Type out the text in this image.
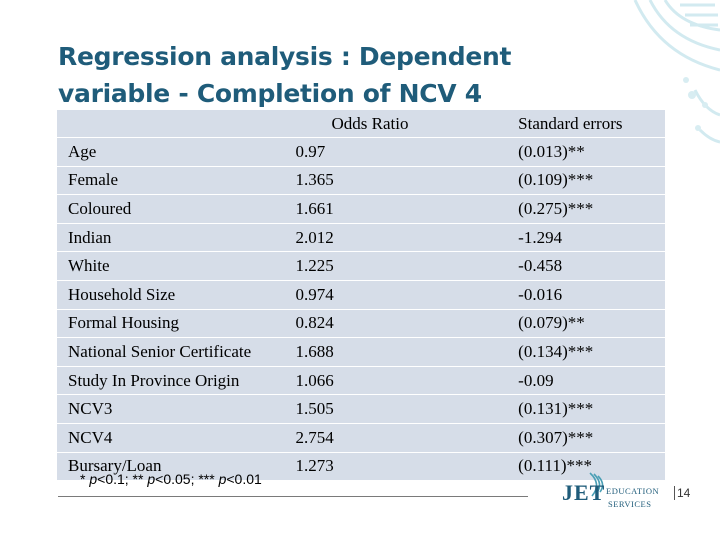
Regression analysis : Dependent variable - Completion of NCV 4
	Odds Ratio	Standard errors
Age	0.97	(0.013)**
Female	1.365	(0.109)***
Coloured	1.661	(0.275)***
Indian	2.012	-1.294
White	1.225	-0.458
Household Size	0.974	-0.016
Formal Housing	0.824	(0.079)**
National Senior Certificate	1.688	(0.134)***
Study In Province Origin	1.066	-0.09
NCV3	1.505	(0.131)***
NCV4	2.754	(0.307)***
Bursary/Loan	1.273	(0.111)***
* p<0.1; ** p<0.05; *** p<0.01
JET EDUCATION
SERVICES
14
